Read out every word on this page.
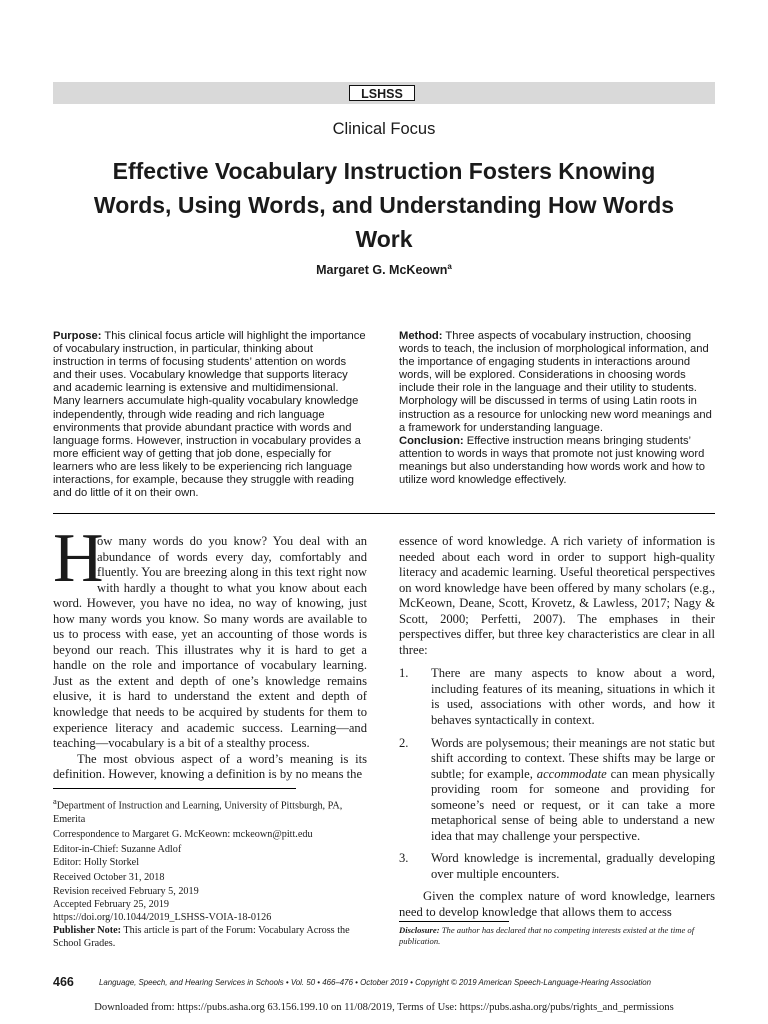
LSHSS
Clinical Focus
Effective Vocabulary Instruction Fosters Knowing Words, Using Words, and Understanding How Words Work
Margaret G. McKeown$^a$
Purpose: This clinical focus article will highlight the importance of vocabulary instruction, in particular, thinking about instruction in terms of focusing students’ attention on words and their uses. Vocabulary knowledge that supports literacy and academic learning is extensive and multidimensional. Many learners accumulate high-quality vocabulary knowledge independently, through wide reading and rich language environments that provide abundant practice with words and language forms. However, instruction in vocabulary provides a more efficient way of getting that job done, especially for learners who are less likely to be experiencing rich language interactions, for example, because they struggle with reading and do little of it on their own.
Method: Three aspects of vocabulary instruction, choosing words to teach, the inclusion of morphological information, and the importance of engaging students in interactions around words, will be explored. Considerations in choosing words include their role in the language and their utility to students. Morphology will be discussed in terms of using Latin roots in instruction as a resource for unlocking new word meanings and a framework for understanding language.
Conclusion: Effective instruction means bringing students’ attention to words in ways that promote not just knowing word meanings but also understanding how words work and how to utilize word knowledge effectively.
H

ow many words do you know? You deal with an abundance of words every day, comfortably and fluently. You are breezing along in this text right now with hardly a thought to what you know about each word. However, you have no idea, no way of knowing, just how many words you know. So many words are available to us to process with ease, yet an accounting of those words is beyond our reach. This illustrates why it is hard to get a handle on the role and importance of vocabulary learning. Just as the extent and depth of one’s knowledge remains elusive, it is hard to understand the extent and depth of knowledge that needs to be acquired by students for them to experience literacy and academic success. Learning—and teaching—vocabulary is a bit of a stealthy process.

The most obvious aspect of a word’s meaning is its definition. However, knowing a definition is by no means the

essence of word knowledge. A rich variety of information is needed about each word in order to support high-quality literacy and academic learning. Useful theoretical perspectives on word knowledge have been offered by many scholars (e.g., McKeown, Deane, Scott, Krovetz, & Lawless, 2017; Nagy & Scott, 2000; Perfetti, 2007). The emphases in their perspectives differ, but three key characteristics are clear in all three:

1. There are many aspects to know about a word, including features of its meaning, situations in which it is used, associations with other words, and how it behaves syntactically in context.
2. Words are polysemous; their meanings are not static but shift according to context. These shifts may be large or subtle; for example, accommodate can mean physically providing room for someone and providing for someone’s need or request, or it can take a more metaphorical sense of being able to understand a new idea that may challenge your perspective.
3. Word knowledge is incremental, gradually developing over multiple encounters.

Given the complex nature of word knowledge, learners need to develop knowledge that allows them to access

$^a$Department of Instruction and Learning, University of Pittsburgh, PA, Emerita
Correspondence to Margaret G. McKeown: mckeown@pitt.edu
Editor-in-Chief: Suzanne Adlof
Editor: Holly Storkel
Received October 31, 2018
Revision received February 5, 2019
Accepted February 25, 2019
https://doi.org/10.1044/2019_LSHSS-VOIA-18-0126
Publisher Note: This article is part of the Forum: Vocabulary Across the School Grades.
Disclosure: The author has declared that no competing interests existed at the time of publication.
466	Language, Speech, and Hearing Services in Schools • Vol. 50 • 466–476 • October 2019 • Copyright © 2019 American Speech-Language-Hearing Association
Downloaded from: https://pubs.asha.org 63.156.199.10 on 11/08/2019, Terms of Use: https://pubs.asha.org/pubs/rights_and_permissions
